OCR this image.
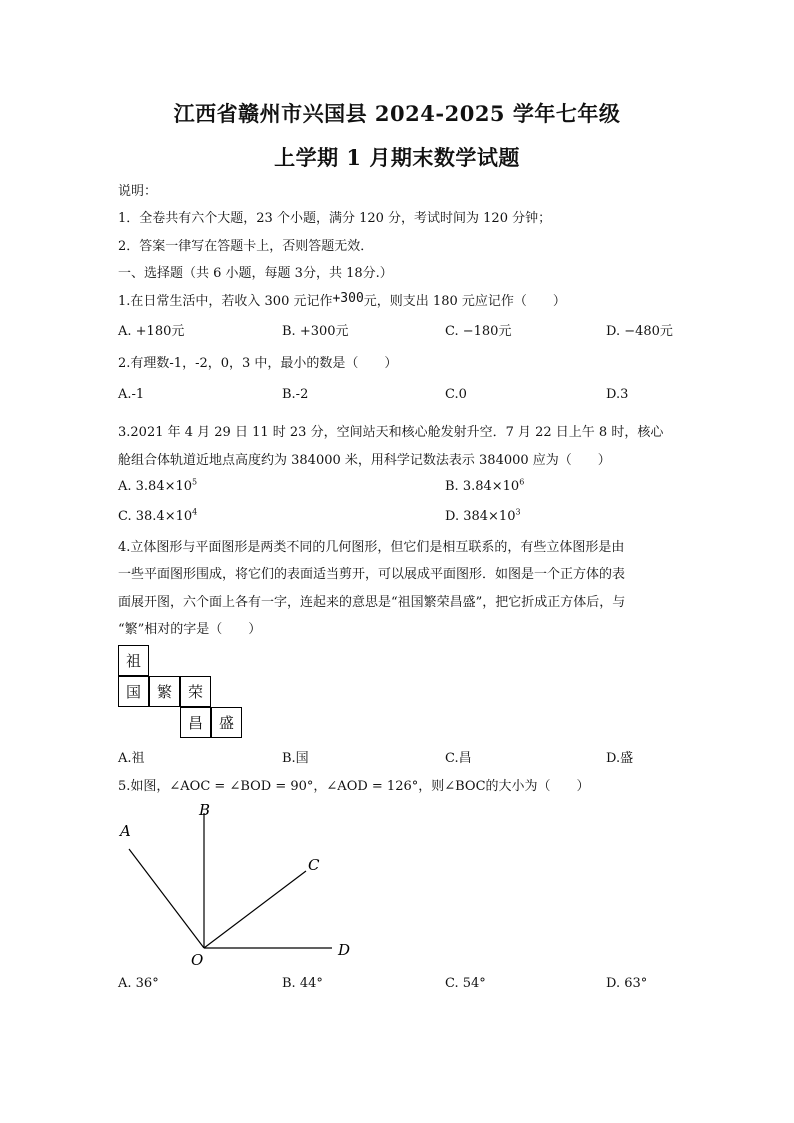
江西省赣州市兴国县 2024-2025 学年七年级
上学期 1 月期末数学试题
说明：
1．全卷共有六个大题，23 个小题，满分 120 分，考试时间为 120 分钟；
2．答案一律写在答题卡上，否则答题无效．
一、选择题（共 6 小题，每题 3分，共 18分.）
1.在日常生活中，若收入 300 元记作+300元，则支出 180 元应记作（　　）
A. +180元	B. +300元	C. −180元	D. −480元
2.有理数-1，-2，0，3 中，最小的数是（　　）
A.-1	B.-2	C.0	D.3
3.2021 年 4 月 29 日 11 时 23 分，空间站天和核心舱发射升空．7 月 22 日上午 8 时，核心
舱组合体轨道近地点高度约为 384000 米，用科学记数法表示 384000 应为（　　）
A. $3.84\times 10^5$	B. $3.84\times 10^6$
C. $38.4\times 10^4$	D. $384\times 10^3$
4.立体图形与平面图形是两类不同的几何图形，但它们是相互联系的，有些立体图形是由
一些平面图形围成，将它们的表面适当剪开，可以展成平面图形．如图是一个正方体的表
面展开图，六个面上各有一字，连起来的意思是“祖国繁荣昌盛”，把它折成正方体后，与
“繁”相对的字是（　　）
祖
国	繁	荣
昌	盛
A.祖	B.国	C.昌	D.盛
5.如图，∠AOC = ∠BOD = 90°，∠AOD = 126°，则∠BOC的大小为（　　）
B
A
C
D
O
A. 36°	B. 44°	C. 54°	D. 63°
